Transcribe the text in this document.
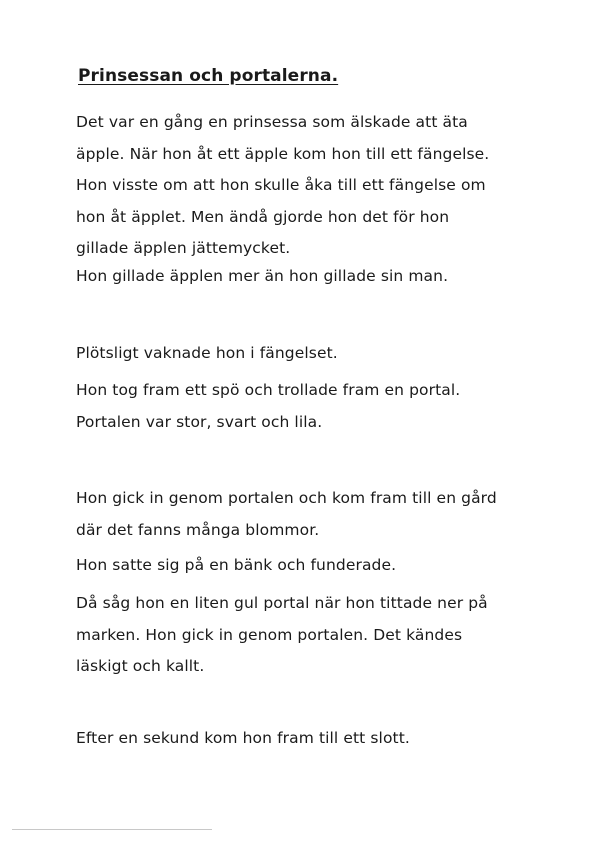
Prinsessan och portalerna.
Det var en gång en prinsessa som älskade att äta
äpple. När hon åt ett äpple kom hon till ett fängelse.
Hon visste om att hon skulle åka till ett fängelse om
hon åt äpplet. Men ändå gjorde hon det för hon
gillade äpplen jättemycket.
Hon gillade äpplen mer än hon gillade sin man.
Plötsligt vaknade hon i fängelset.
Hon tog fram ett spö och trollade fram en portal.
Portalen var stor, svart och lila.
Hon gick in genom portalen och kom fram till en gård
där det fanns många blommor.
Hon satte sig på en bänk och funderade.
Då såg hon en liten gul portal när hon tittade ner på
marken. Hon gick in genom portalen. Det kändes
läskigt och kallt.
Efter en sekund kom hon fram till ett slott.
